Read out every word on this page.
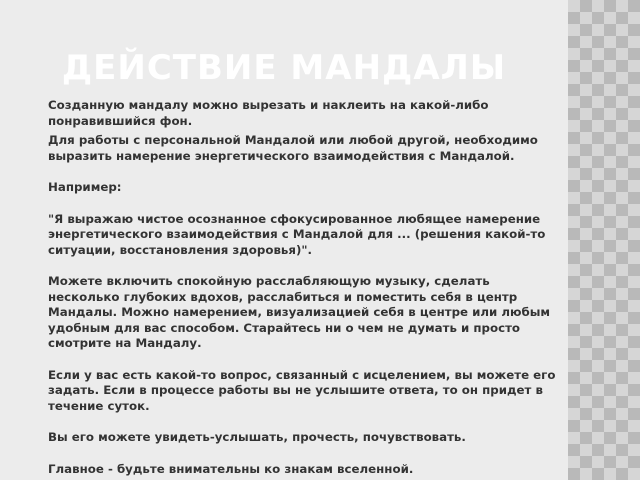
ДЕЙСТВИЕ МАНДАЛЫ

Созданную мандалу можно вырезать и наклеить на какой-либо понравившийся фон.

Для работы с персональной Мандалой или любой другой, необходимо выразить намерение энергетического взаимодействия с Мандалой.

Например:

"Я выражаю чистое осознанное сфокусированное любящее намерение энергетического взаимодействия с Мандалой для ... (решения какой-то ситуации, восстановления здоровья)".

Можете включить спокойную расслабляющую музыку, сделать несколько глубоких вдохов, расслабиться и поместить себя в центр Мандалы. Можно намерением, визуализацией себя в центре или любым удобным для вас способом. Старайтесь ни о чем не думать и просто смотрите на Мандалу.

Если у вас есть какой-то вопрос, связанный с исцелением, вы можете его задать. Если в процессе работы вы не услышите ответа, то он придет в течение суток.

Вы его можете увидеть-услышать, прочесть, почувствовать.

Главное - будьте внимательны ко знакам вселенной.
